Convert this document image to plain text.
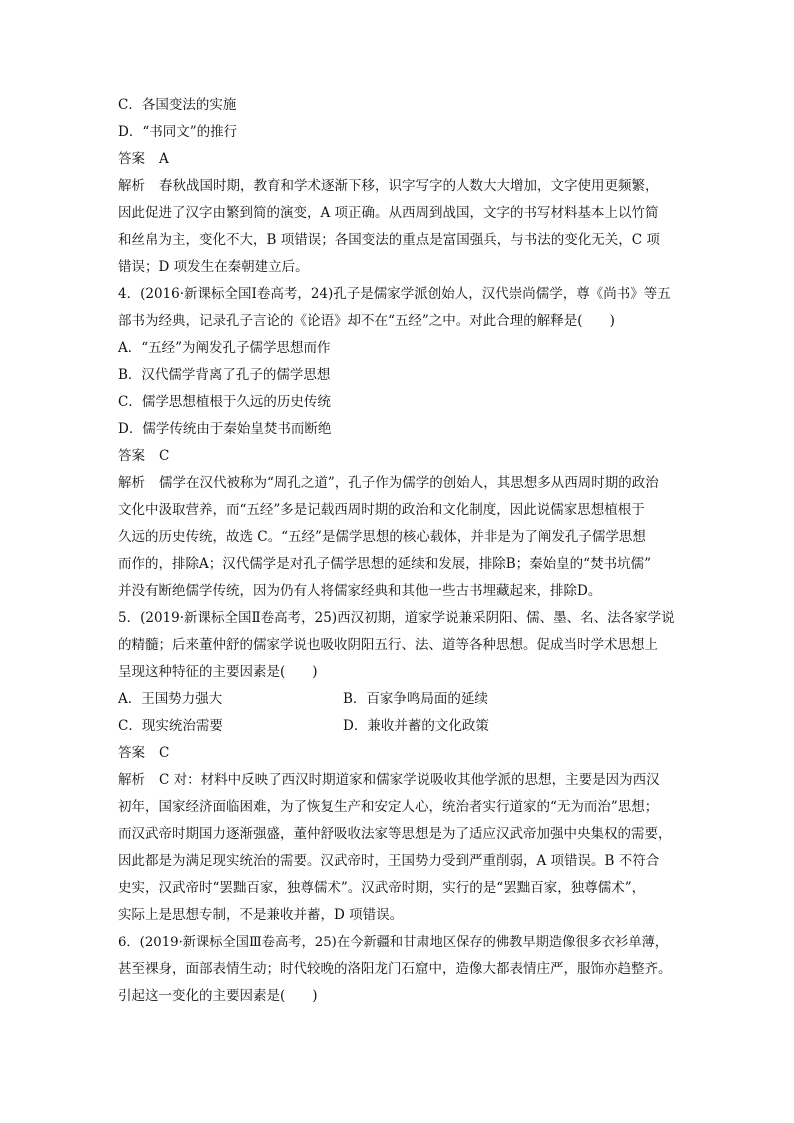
C．各国变法的实施
D．“书同文”的推行
答案 A
解析 春秋战国时期，教育和学术逐渐下移，识字写字的人数大大增加，文字使用更频繁，
因此促进了汉字由繁到简的演变，A 项正确。从西周到战国，文字的书写材料基本上以竹简
和丝帛为主，变化不大，B 项错误；各国变法的重点是富国强兵，与书法的变化无关，C 项
错误；D 项发生在秦朝建立后。
4．(2016·新课标全国Ⅰ卷高考，24)孔子是儒家学派创始人，汉代崇尚儒学，尊《尚书》等五
部书为经典，记录孔子言论的《论语》却不在“五经”之中。对此合理的解释是(　　)
A．“五经”为阐发孔子儒学思想而作
B．汉代儒学背离了孔子的儒学思想
C．儒学思想植根于久远的历史传统
D．儒学传统由于秦始皇焚书而断绝
答案 C
解析 儒学在汉代被称为“周孔之道”，孔子作为儒学的创始人，其思想多从西周时期的政治
文化中汲取营养，而“五经”多是记载西周时期的政治和文化制度，因此说儒家思想植根于
久远的历史传统，故选 C。“五经”是儒学思想的核心载体，并非是为了阐发孔子儒学思想
而作的，排除A；汉代儒学是对孔子儒学思想的延续和发展，排除B；秦始皇的“焚书坑儒”
并没有断绝儒学传统，因为仍有人将儒家经典和其他一些古书埋藏起来，排除D。
5．(2019·新课标全国Ⅱ卷高考，25)西汉初期，道家学说兼采阴阳、儒、墨、名、法各家学说
的精髓；后来董仲舒的儒家学说也吸收阴阳五行、法、道等各种思想。促成当时学术思想上
呈现这种特征的主要因素是(　　)
A．王国势力强大	B．百家争鸣局面的延续
C．现实统治需要	D．兼收并蓄的文化政策
答案 C
解析 C 对：材料中反映了西汉时期道家和儒家学说吸收其他学派的思想，主要是因为西汉
初年，国家经济面临困难，为了恢复生产和安定人心，统治者实行道家的“无为而治”思想；
而汉武帝时期国力逐渐强盛，董仲舒吸收法家等思想是为了适应汉武帝加强中央集权的需要，
因此都是为满足现实统治的需要。汉武帝时，王国势力受到严重削弱，A 项错误。B 不符合
史实，汉武帝时“罢黜百家，独尊儒术”。汉武帝时期，实行的是“罢黜百家，独尊儒术”，
实际上是思想专制，不是兼收并蓄，D 项错误。
6．(2019·新课标全国Ⅲ卷高考，25)在今新疆和甘肃地区保存的佛教早期造像很多衣衫单薄，
甚至裸身，面部表情生动；时代较晚的洛阳龙门石窟中，造像大都表情庄严，服饰亦趋整齐。
引起这一变化的主要因素是(　　)
